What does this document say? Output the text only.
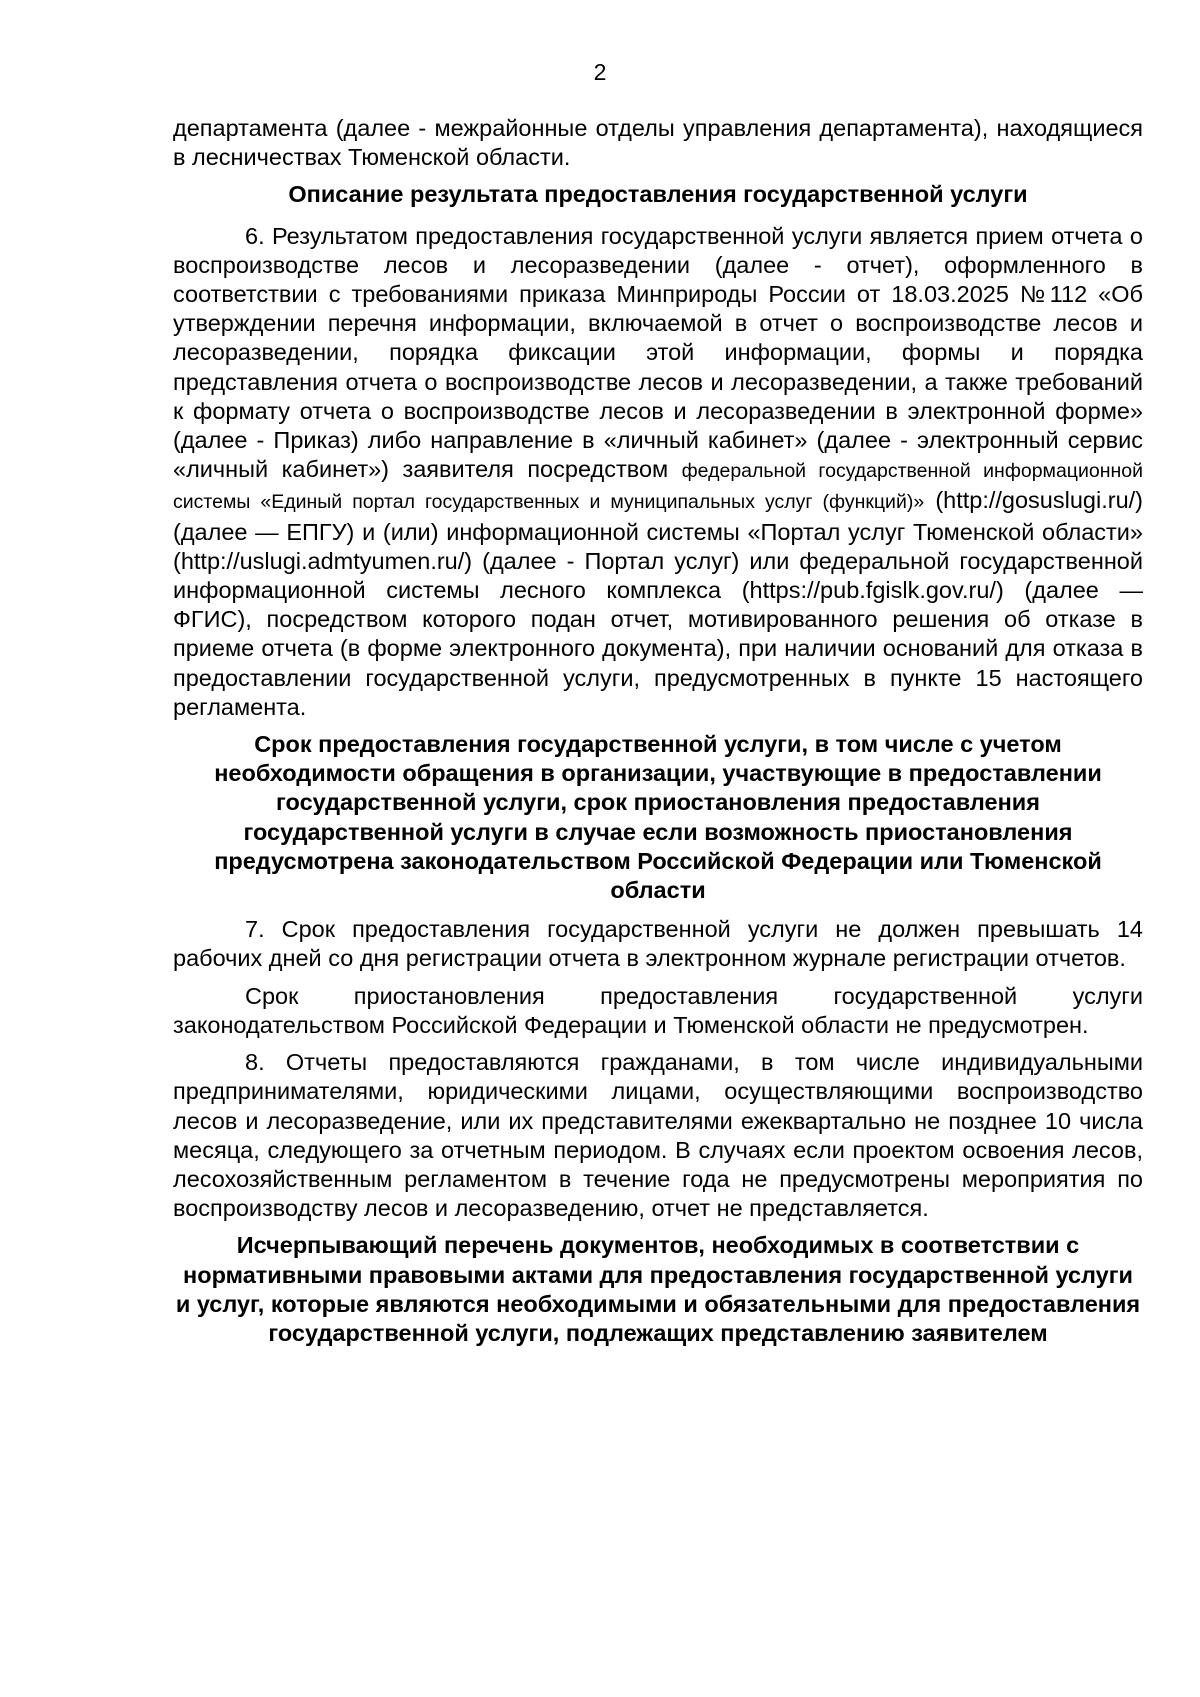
2

департамента (далее - межрайонные отделы управления департамента), находящиеся в лесничествах Тюменской области.

Описание результата предоставления государственной услуги

6. Результатом предоставления государственной услуги является прием отчета о воспроизводстве лесов и лесоразведении (далее - отчет), оформленного в соответствии с требованиями приказа Минприроды России от 18.03.2025 №112 «Об утверждении перечня информации, включаемой в отчет о воспроизводстве лесов и лесоразведении, порядка фиксации этой информации, формы и порядка представления отчета о воспроизводстве лесов и лесоразведении, а также требований к формату отчета о воспроизводстве лесов и лесоразведении в электронной форме» (далее - Приказ) либо направление в «личный кабинет» (далее - электронный сервис «личный кабинет») заявителя посредством федеральной государственной информационной системы «Единый портал государственных и муниципальных услуг (функций)» (http://gosuslugi.ru/) (далее — ЕПГУ) и (или) информационной системы «Портал услуг Тюменской области» (http://uslugi.admtyumen.ru/) (далее - Портал услуг) или федеральной государственной информационной системы лесного комплекса (https://pub.fgislk.gov.ru/) (далее — ФГИС), посредством которого подан отчет, мотивированного решения об отказе в приеме отчета (в форме электронного документа), при наличии оснований для отказа в предоставлении государственной услуги, предусмотренных в пункте 15 настоящего регламента.

Срок предоставления государственной услуги, в том числе с учетом необходимости обращения в организации, участвующие в предоставлении государственной услуги, срок приостановления предоставления государственной услуги в случае если возможность приостановления предусмотрена законодательством Российской Федерации или Тюменской области

7. Срок предоставления государственной услуги не должен превышать 14 рабочих дней со дня регистрации отчета в электронном журнале регистрации отчетов.

Срок приостановления предоставления государственной услуги законодательством Российской Федерации и Тюменской области не предусмотрен.

8. Отчеты предоставляются гражданами, в том числе индивидуальными предпринимателями, юридическими лицами, осуществляющими воспроизводство лесов и лесоразведение, или их представителями ежеквартально не позднее 10 числа месяца, следующего за отчетным периодом. В случаях если проектом освоения лесов, лесохозяйственным регламентом в течение года не предусмотрены мероприятия по воспроизводству лесов и лесоразведению, отчет не представляется.

Исчерпывающий перечень документов, необходимых в соответствии с нормативными правовыми актами для предоставления государственной услуги и услуг, которые являются необходимыми и обязательными для предоставления государственной услуги, подлежащих представлению заявителем
